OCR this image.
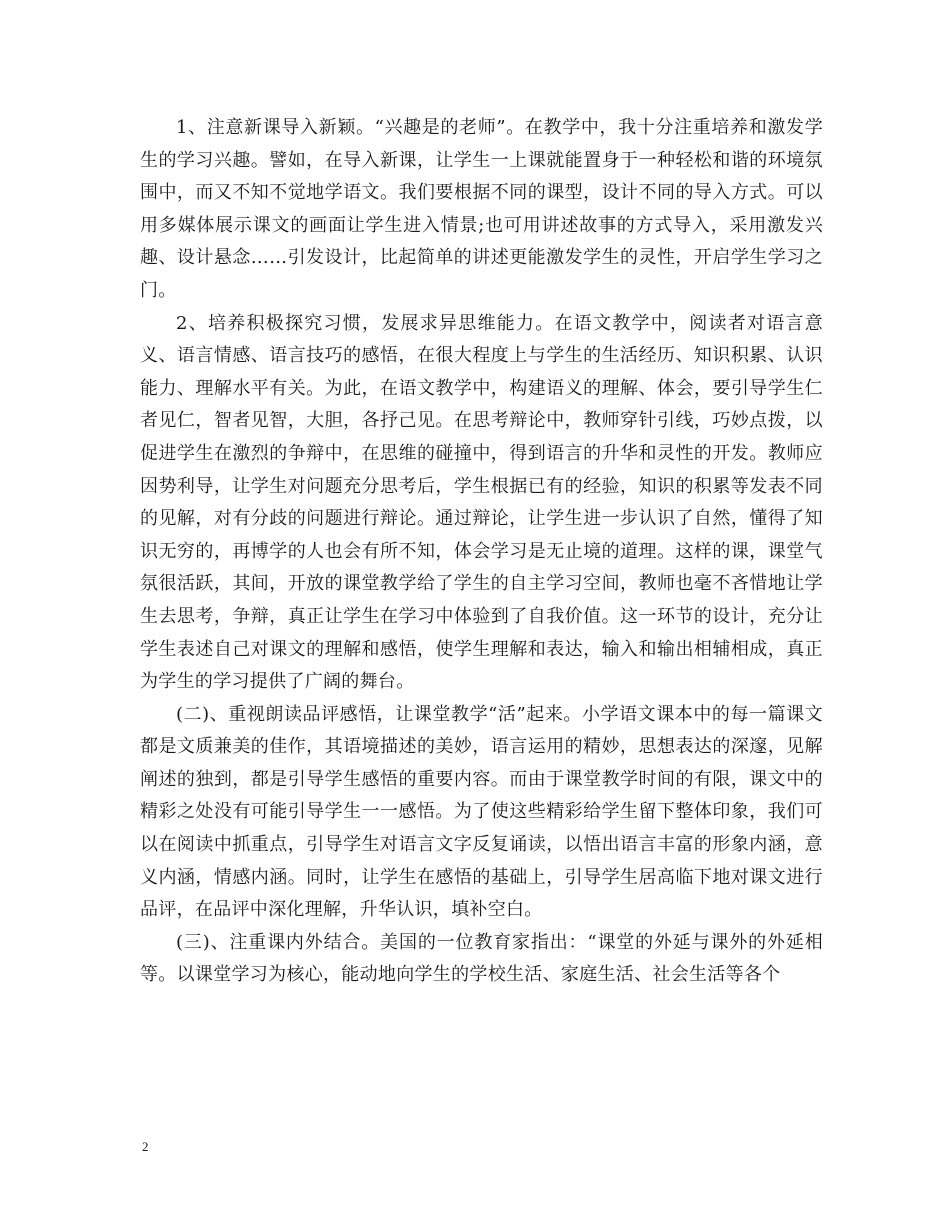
1、注意新课导入新颖。“兴趣是的老师”。在教学中，我十分注重培养和激发学生的学习兴趣。譬如，在导入新课，让学生一上课就能置身于一种轻松和谐的环境氛围中，而又不知不觉地学语文。我们要根据不同的课型，设计不同的导入方式。可以用多媒体展示课文的画面让学生进入情景;也可用讲述故事的方式导入，采用激发兴趣、设计悬念……引发设计，比起简单的讲述更能激发学生的灵性，开启学生学习之门。

2、培养积极探究习惯，发展求异思维能力。在语文教学中，阅读者对语言意义、语言情感、语言技巧的感悟，在很大程度上与学生的生活经历、知识积累、认识能力、理解水平有关。为此，在语文教学中，构建语义的理解、体会，要引导学生仁者见仁，智者见智，大胆，各抒己见。在思考辩论中，教师穿针引线，巧妙点拨，以促进学生在激烈的争辩中，在思维的碰撞中，得到语言的升华和灵性的开发。教师应因势利导，让学生对问题充分思考后，学生根据已有的经验，知识的积累等发表不同的见解，对有分歧的问题进行辩论。通过辩论，让学生进一步认识了自然，懂得了知识无穷的，再博学的人也会有所不知，体会学习是无止境的道理。这样的课，课堂气氛很活跃，其间，开放的课堂教学给了学生的自主学习空间，教师也毫不吝惜地让学生去思考，争辩，真正让学生在学习中体验到了自我价值。这一环节的设计，充分让学生表述自己对课文的理解和感悟，使学生理解和表达，输入和输出相辅相成，真正为学生的学习提供了广阔的舞台。

(二)、重视朗读品评感悟，让课堂教学“活”起来。小学语文课本中的每一篇课文都是文质兼美的佳作，其语境描述的美妙，语言运用的精妙，思想表达的深邃，见解阐述的独到，都是引导学生感悟的重要内容。而由于课堂教学时间的有限，课文中的精彩之处没有可能引导学生一一感悟。为了使这些精彩给学生留下整体印象，我们可以在阅读中抓重点，引导学生对语言文字反复诵读，以悟出语言丰富的形象内涵，意义内涵，情感内涵。同时，让学生在感悟的基础上，引导学生居高临下地对课文进行品评，在品评中深化理解，升华认识，填补空白。

(三)、注重课内外结合。美国的一位教育家指出：“课堂的外延与课外的外延相等。以课堂学习为核心，能动地向学生的学校生活、家庭生活、社会生活等各个

2
